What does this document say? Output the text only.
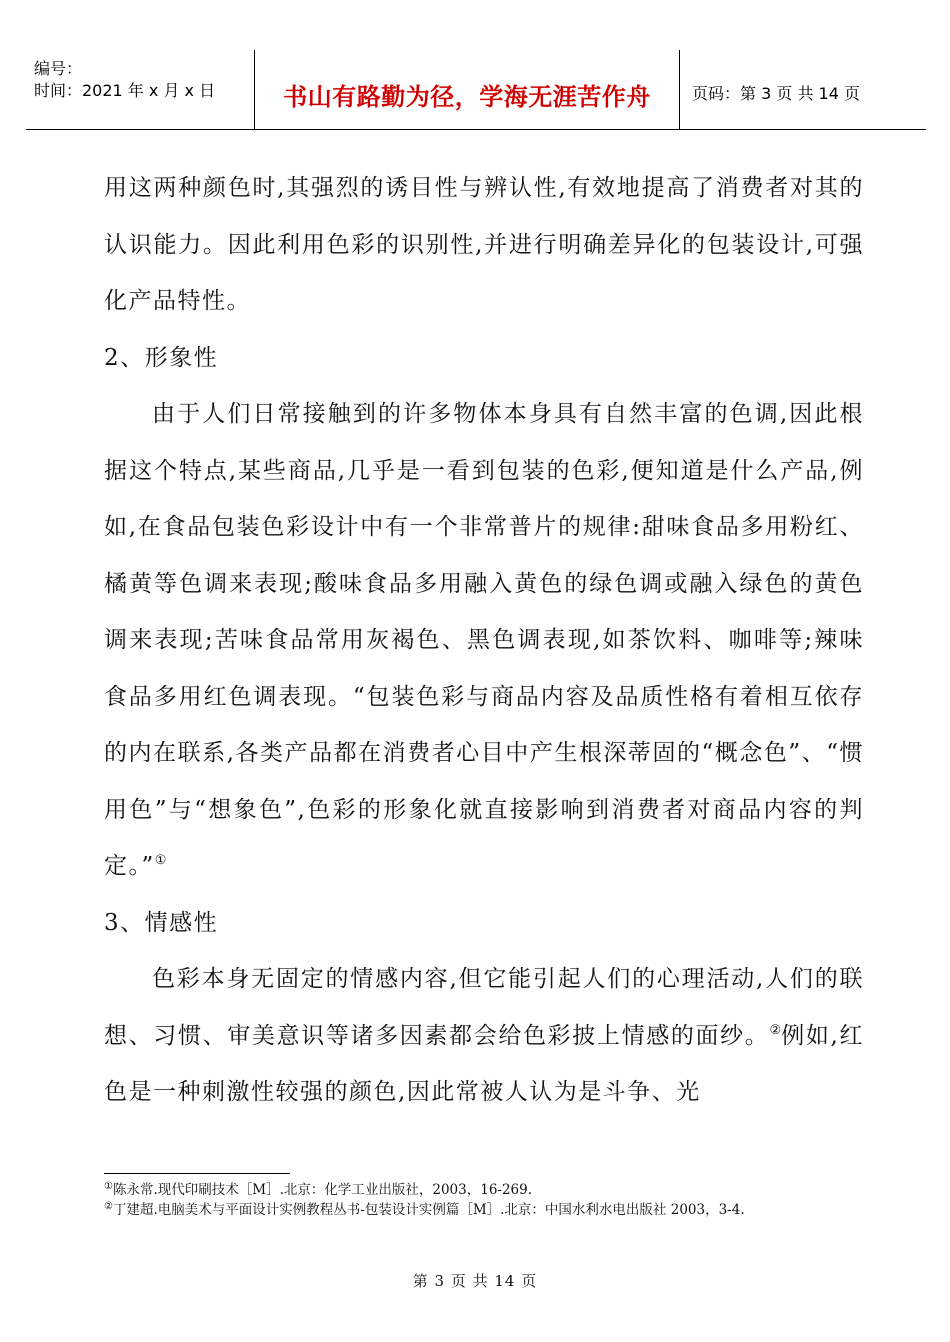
编号：
时间：2021 年 x 月 x 日	书山有路勤为径，学海无涯苦作舟	页码：第 3 页 共 14 页

用这两种颜色时,其强烈的诱目性与辨认性,有效地提高了消费者对其的认识能力。因此利用色彩的识别性,并进行明确差异化的包装设计,可强化产品特性。

2、形象性

由于人们日常接触到的许多物体本身具有自然丰富的色调,因此根据这个特点,某些商品,几乎是一看到包装的色彩,便知道是什么产品,例如,在食品包装色彩设计中有一个非常普片的规律:甜味食品多用粉红、橘黄等色调来表现;酸味食品多用融入黄色的绿色调或融入绿色的黄色调来表现;苦味食品常用灰褐色、黑色调表现,如茶饮料、咖啡等;辣味食品多用红色调表现。“包装色彩与商品内容及品质性格有着相互依存的内在联系,各类产品都在消费者心目中产生根深蒂固的“概念色”、“惯用色”与“想象色”,色彩的形象化就直接影响到消费者对商品内容的判定。”①

3、情感性

色彩本身无固定的情感内容,但它能引起人们的心理活动,人们的联想、习惯、审美意识等诸多因素都会给色彩披上情感的面纱。②例如,红色是一种刺激性较强的颜色,因此常被人认为是斗争、光

①陈永常.现代印刷技术［M］.北京：化学工业出版社，2003，16-269.
②丁建超.电脑美术与平面设计实例教程丛书-包装设计实例篇［M］.北京：中国水利水电出版社 2003，3-4.
第 3 页 共 14 页
